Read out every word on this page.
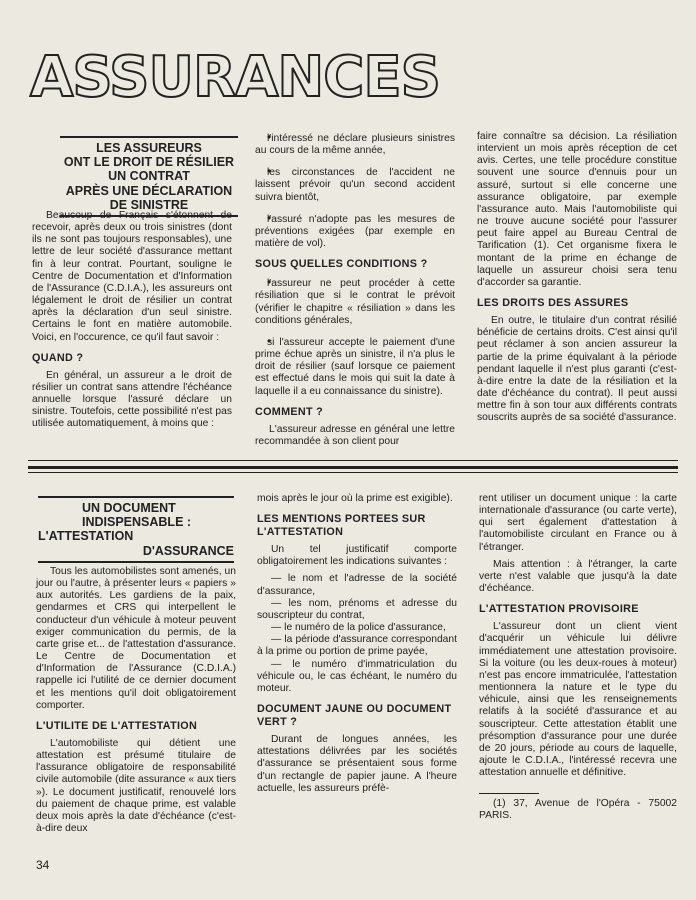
ASSURANCES
LES ASSUREURS
ONT LE DROIT DE RÉSILIER
UN CONTRAT
APRÈS UNE DÉCLARATION
DE SINISTRE

Beaucoup de Français s'étonnent de recevoir, après deux ou trois sinistres (dont ils ne sont pas toujours responsables), une lettre de leur société d'assurance mettant fin à leur contrat. Pourtant, souligne le Centre de Documentation et d'Information de l'Assurance (C.D.I.A.), les assureurs ont légalement le droit de résilier un contrat après la déclaration d'un seul sinistre. Certains le font en matière automobile. Voici, en l'occurence, ce qu'il faut savoir :

QUAND ?

En général, un assureur a le droit de résilier un contrat sans attendre l'échéance annuelle lorsque l'assuré déclare un sinistre. Toutefois, cette possibilité n'est pas utilisée automatiquement, à moins que :

• l'intéressé ne déclare plusieurs sinistres au cours de la même année,
• les circonstances de l'accident ne laissent prévoir qu'un second accident suivra bientôt,
• l'assuré n'adopte pas les mesures de préventions exigées (par exemple en matière de vol).
SOUS QUELLES CONDITIONS ?
• l'assureur ne peut procéder à cette résiliation que si le contrat le prévoit (vérifier le chapitre « résiliation » dans les conditions générales,
• si l'assureur accepte le paiement d'une prime échue après un sinistre, il n'a plus le droit de résilier (sauf lorsque ce paiement est effectué dans le mois qui suit la date à laquelle il a eu connaissance du sinistre).
COMMENT ?

L'assureur adresse en général une lettre recommandée à son client pour

faire connaître sa décision. La résiliation intervient un mois après réception de cet avis. Certes, une telle procédure constitue souvent une source d'ennuis pour un assuré, surtout si elle concerne une assurance obligatoire, par exemple l'assurance auto. Mais l'automobiliste qui ne trouve aucune société pour l'assurer peut faire appel au Bureau Central de Tarification (1). Cet organisme fixera le montant de la prime en échange de laquelle un assureur choisi sera tenu d'accorder sa garantie.

LES DROITS DES ASSURES

En outre, le titulaire d'un contrat résilié bénéficie de certains droits. C'est ainsi qu'il peut réclamer à son ancien assureur la partie de la prime équivalant à la période pendant laquelle il n'est plus garanti (c'est-à-dire entre la date de la résiliation et la date d'échéance du contrat). Il peut aussi mettre fin à son tour aux différents contrats souscrits auprès de sa société d'assurance.

UN DOCUMENT
INDISPENSABLE :
L'ATTESTATION
D'ASSURANCE

Tous les automobilistes sont amenés, un jour ou l'autre, à présenter leurs « papiers » aux autorités. Les gardiens de la paix, gendarmes et CRS qui interpellent le conducteur d'un véhicule à moteur peuvent exiger communication du permis, de la carte grise et... de l'attestation d'assurance. Le Centre de Documentation et d'Information de l'Assurance (C.D.I.A.) rappelle ici l'utilité de ce dernier document et les mentions qu'il doit obligatoirement comporter.

L'UTILITE DE L'ATTESTATION

L'automobiliste qui détient une attestation est présumé titulaire de l'assurance obligatoire de responsabilité civile automobile (dite assurance « aux tiers »). Le document justificatif, renouvelé lors du paiement de chaque prime, est valable deux mois après la date d'échéance (c'est-à-dire deux

mois après le jour où la prime est exigible).

LES MENTIONS PORTEES SUR L'ATTESTATION

Un tel justificatif comporte obligatoirement les indications suivantes :

— le nom et l'adresse de la société d'assurance,

— les nom, prénoms et adresse du souscripteur du contrat,

— le numéro de la police d'assurance,

— la période d'assurance correspondant à la prime ou portion de prime payée,

— le numéro d'immatriculation du véhicule ou, le cas échéant, le numéro du moteur.

DOCUMENT JAUNE OU DOCUMENT VERT ?

Durant de longues années, les attestations délivrées par les sociétés d'assurance se présentaient sous forme d'un rectangle de papier jaune. A l'heure actuelle, les assureurs préfè-

rent utiliser un document unique : la carte internationale d'assurance (ou carte verte), qui sert également d'attestation à l'automobiliste circulant en France ou à l'étranger.

Mais attention : à l'étranger, la carte verte n'est valable que jusqu'à la date d'échéance.

L'ATTESTATION PROVISOIRE

L'assureur dont un client vient d'acquérir un véhicule lui délivre immédiatement une attestation provisoire. Si la voiture (ou les deux-roues à moteur) n'est pas encore immatriculée, l'attestation mentionnera la nature et le type du véhicule, ainsi que les renseignements relatifs à la société d'assurance et au souscripteur. Cette attestation établit une présomption d'assurance pour une durée de 20 jours, période au cours de laquelle, ajoute le C.D.I.A., l'intéressé recevra une attestation annuelle et définitive.

(1) 37, Avenue de l'Opéra - 75002 PARIS.

34
